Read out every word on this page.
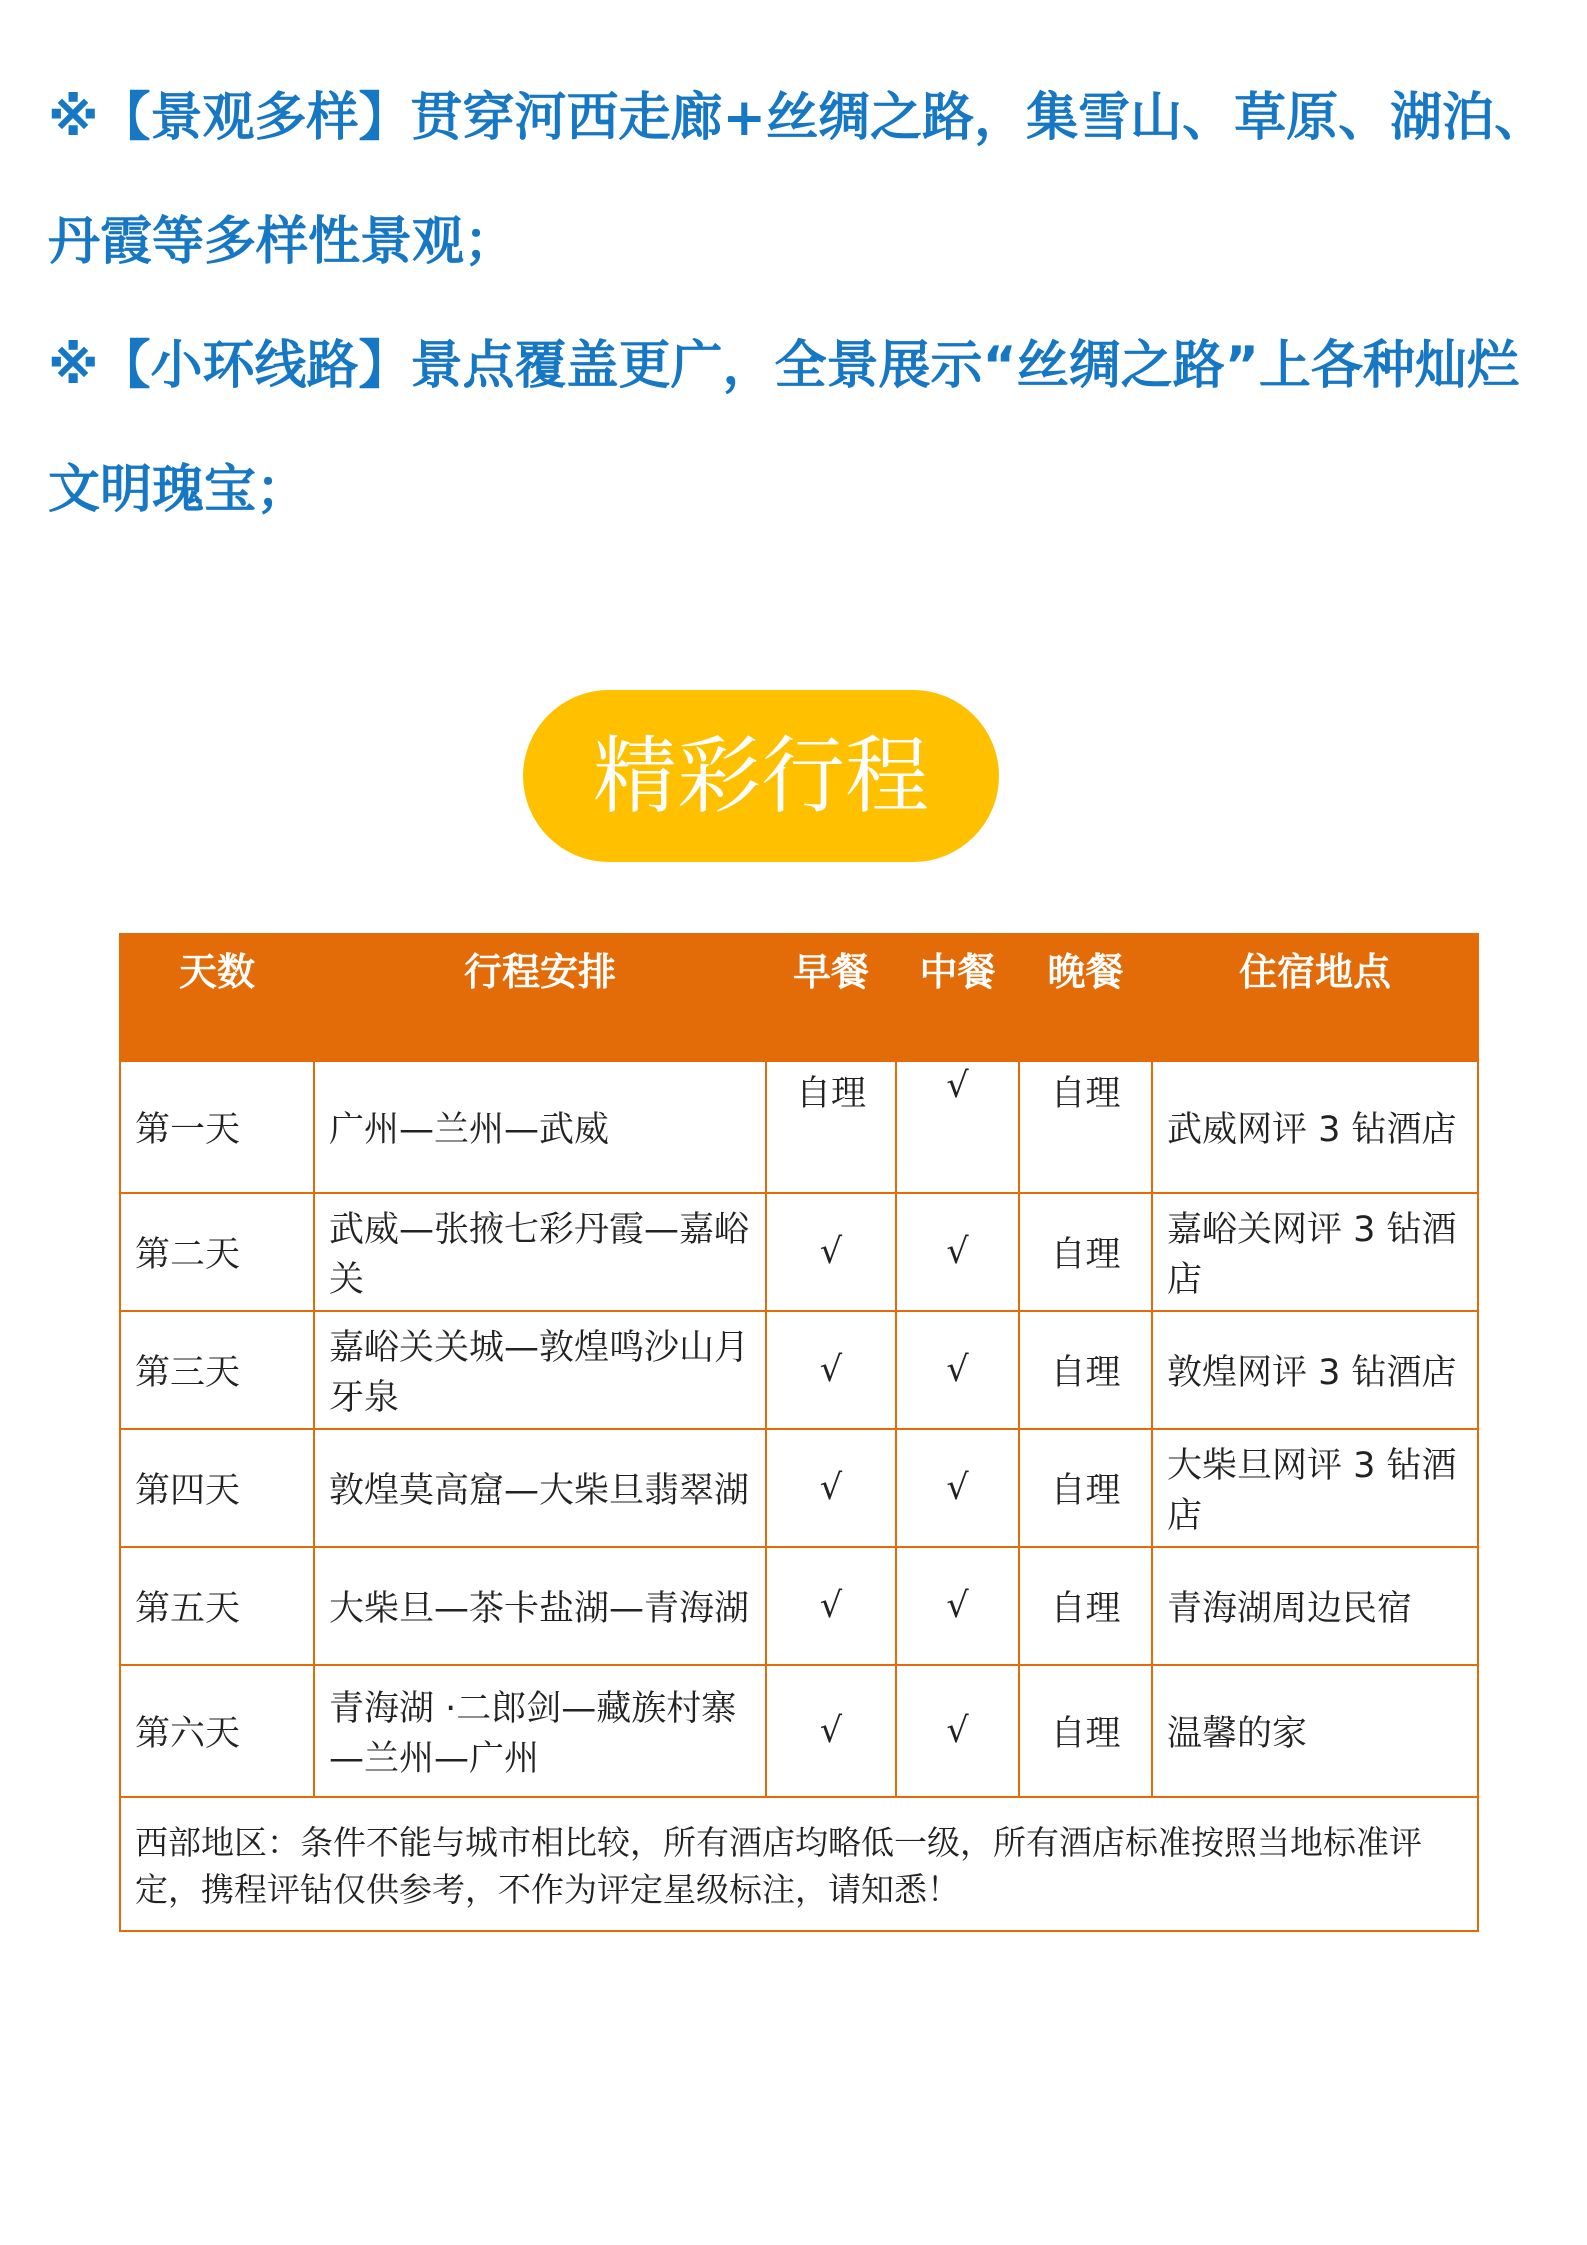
※【景观多样】贯穿河西走廊+丝绸之路，集雪山、草原、湖泊、丹霞等多样性景观；

※【小环线路】景点覆盖更广，全景展示“丝绸之路”上各种灿烂文明瑰宝；

精彩行程
天数	行程安排	早餐	中餐	晚餐	住宿地点
第一天	广州—兰州—武威	自理	√	自理	武威网评 3 钻酒店
第二天	武威—张掖七彩丹霞—嘉峪关	√	√	自理	嘉峪关网评 3 钻酒店
第三天	嘉峪关关城—敦煌鸣沙山月牙泉	√	√	自理	敦煌网评 3 钻酒店
第四天	敦煌莫高窟—大柴旦翡翠湖	√	√	自理	大柴旦网评 3 钻酒店
第五天	大柴旦—茶卡盐湖—青海湖	√	√	自理	青海湖周边民宿
第六天	青海湖 ·二郎剑—藏族村寨—兰州—广州	√	√	自理	温馨的家
西部地区：条件不能与城市相比较，所有酒店均略低一级，所有酒店标准按照当地标准评定，携程评钻仅供参考，不作为评定星级标注，请知悉！					
